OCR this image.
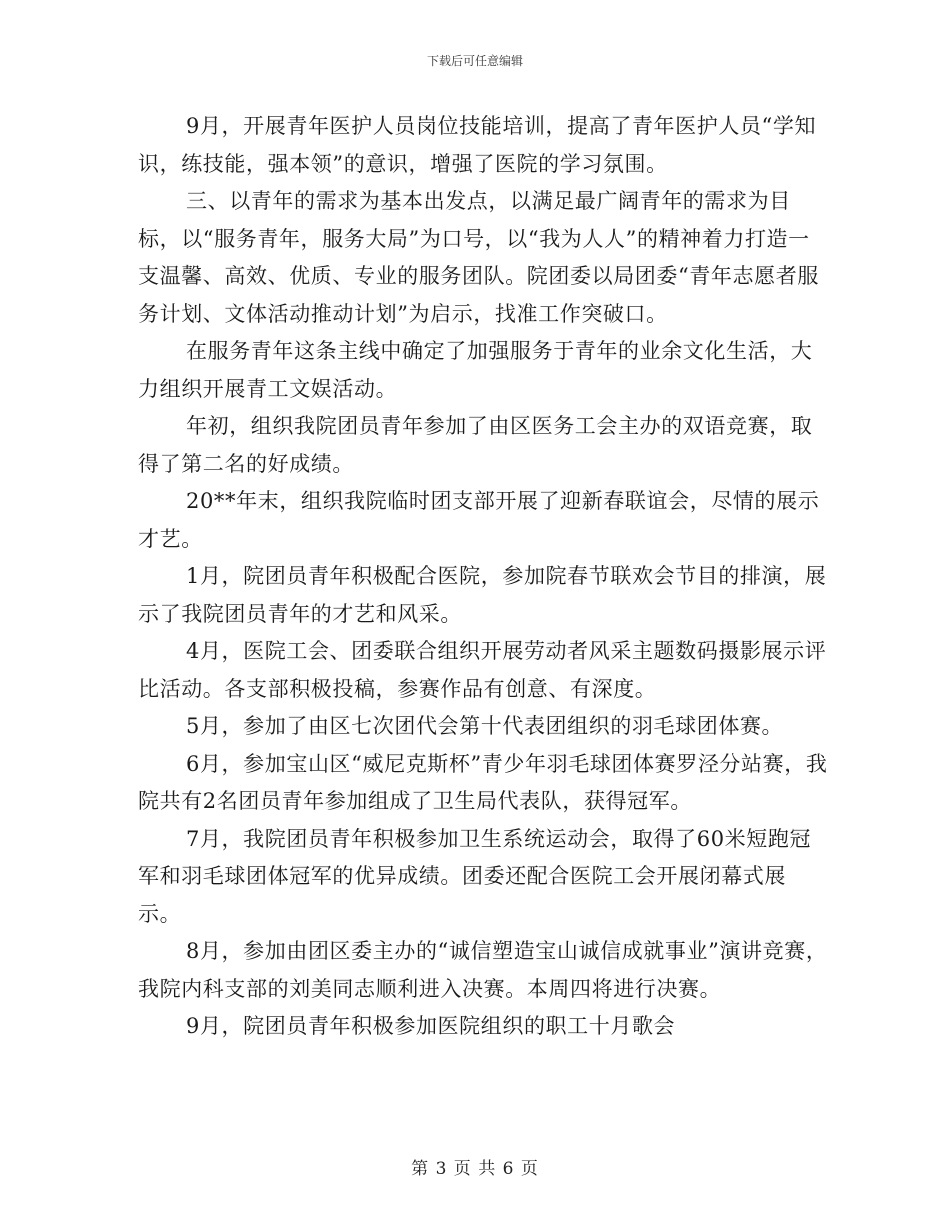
下载后可任意编辑

9月，开展青年医护人员岗位技能培训，提高了青年医护人员“学知识，练技能，强本领”的意识，增强了医院的学习氛围。

三、以青年的需求为基本出发点，以满足最广阔青年的需求为目标，以“服务青年，服务大局”为口号，以“我为人人”的精神着力打造一支温馨、高效、优质、专业的服务团队。院团委以局团委“青年志愿者服务计划、文体活动推动计划”为启示，找准工作突破口。

在服务青年这条主线中确定了加强服务于青年的业余文化生活，大力组织开展青工文娱活动。

年初，组织我院团员青年参加了由区医务工会主办的双语竞赛，取得了第二名的好成绩。

20**年末，组织我院临时团支部开展了迎新春联谊会，尽情的展示才艺。

1月，院团员青年积极配合医院，参加院春节联欢会节目的排演，展示了我院团员青年的才艺和风采。

4月，医院工会、团委联合组织开展劳动者风采主题数码摄影展示评比活动。各支部积极投稿，参赛作品有创意、有深度。

5月，参加了由区七次团代会第十代表团组织的羽毛球团体赛。

6月，参加宝山区“威尼克斯杯”青少年羽毛球团体赛罗泾分站赛，我院共有2名团员青年参加组成了卫生局代表队，获得冠军。

7月，我院团员青年积极参加卫生系统运动会，取得了60米短跑冠军和羽毛球团体冠军的优异成绩。团委还配合医院工会开展闭幕式展示。

8月，参加由团区委主办的“诚信塑造宝山诚信成就事业”演讲竞赛，我院内科支部的刘美同志顺利进入决赛。本周四将进行决赛。

9月，院团员青年积极参加医院组织的职工十月歌会

第 3 页 共 6 页
